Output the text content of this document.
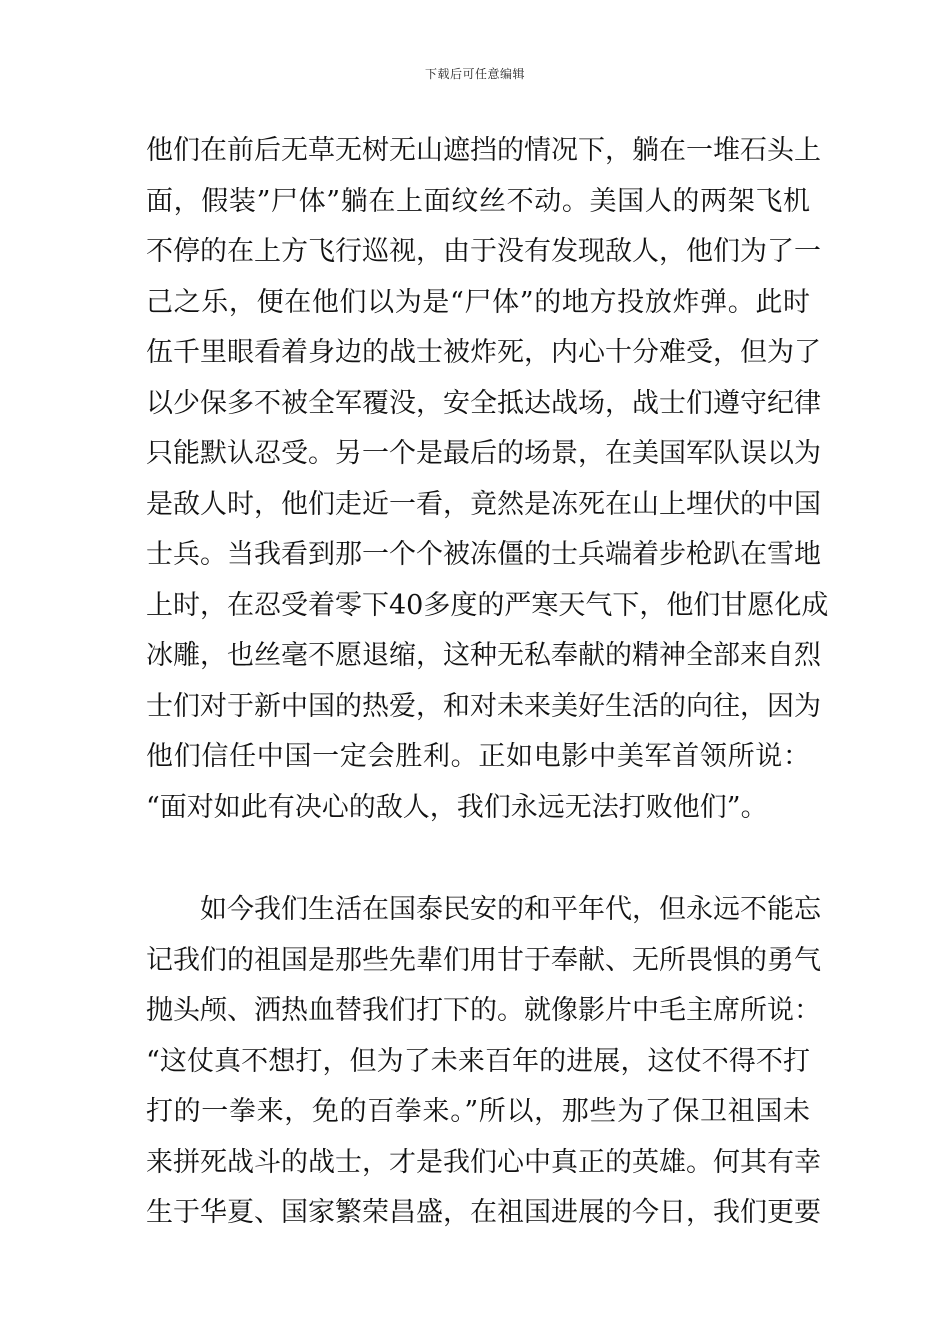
下载后可任意编辑
他们在前后无草无树无山遮挡的情况下，躺在一堆石头上
面，假装”尸体”躺在上面纹丝不动。美国人的两架飞机
不停的在上方飞行巡视，由于没有发现敌人，他们为了一
己之乐，便在他们以为是“尸体”的地方投放炸弹。此时
伍千里眼看着身边的战士被炸死，内心十分难受，但为了
以少保多不被全军覆没，安全抵达战场，战士们遵守纪律
只能默认忍受。另一个是最后的场景，在美国军队误以为
是敌人时，他们走近一看，竟然是冻死在山上埋伏的中国
士兵。当我看到那一个个被冻僵的士兵端着步枪趴在雪地
上时，在忍受着零下40多度的严寒天气下，他们甘愿化成
冰雕，也丝毫不愿退缩，这种无私奉献的精神全部来自烈
士们对于新中国的热爱，和对未来美好生活的向往，因为
他们信任中国一定会胜利。正如电影中美军首领所说：
“面对如此有决心的敌人，我们永远无法打败他们”。
　　如今我们生活在国泰民安的和平年代，但永远不能忘
记我们的祖国是那些先辈们用甘于奉献、无所畏惧的勇气
抛头颅、洒热血替我们打下的。就像影片中毛主席所说：
“这仗真不想打，但为了未来百年的进展，这仗不得不打
打的一拳来，免的百拳来。”所以，那些为了保卫祖国未
来拼死战斗的战士，才是我们心中真正的英雄。何其有幸
生于华夏、国家繁荣昌盛，在祖国进展的今日，我们更要
